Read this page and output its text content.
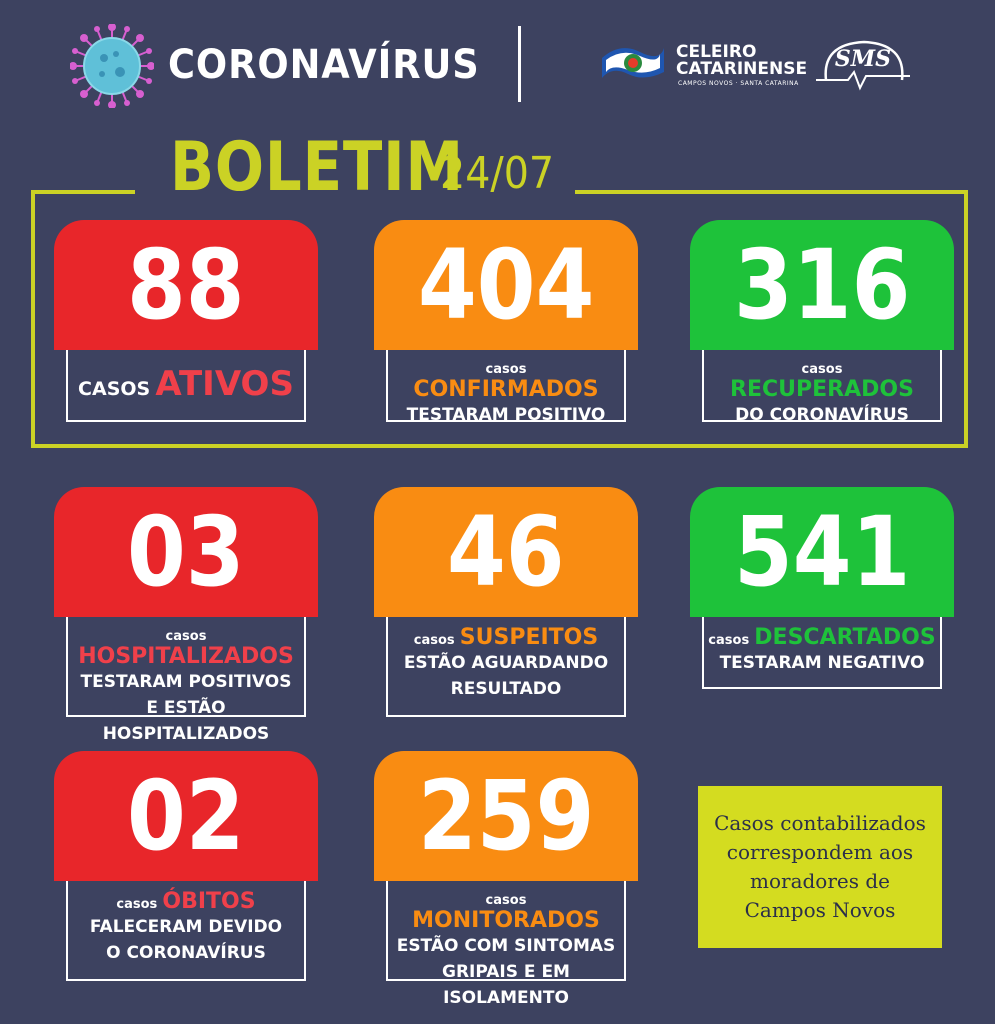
CORONAVÍRUS	CELEIRO
CATARINENSE
CAMPOS NOVOS · SANTA CATARINA
SMS
BOLETIM
24/07
88
CASOS ATIVOS
404
casos CONFIRMADOS
TESTARAM POSITIVO
316
casos RECUPERADOS
DO CORONAVÍRUS
03
casos HOSPITALIZADOS
TESTARAM POSITIVOS
E ESTÃO HOSPITALIZADOS
46
casos SUSPEITOS
ESTÃO AGUARDANDO
RESULTADO
541
casos DESCARTADOS
TESTARAM NEGATIVO
02
casos ÓBITOS
FALECERAM DEVIDO
O CORONAVÍRUS
259
casos MONITORADOS
ESTÃO COM SINTOMAS
GRIPAIS E EM ISOLAMENTO
Casos contabilizados correspondem aos moradores de Campos Novos
